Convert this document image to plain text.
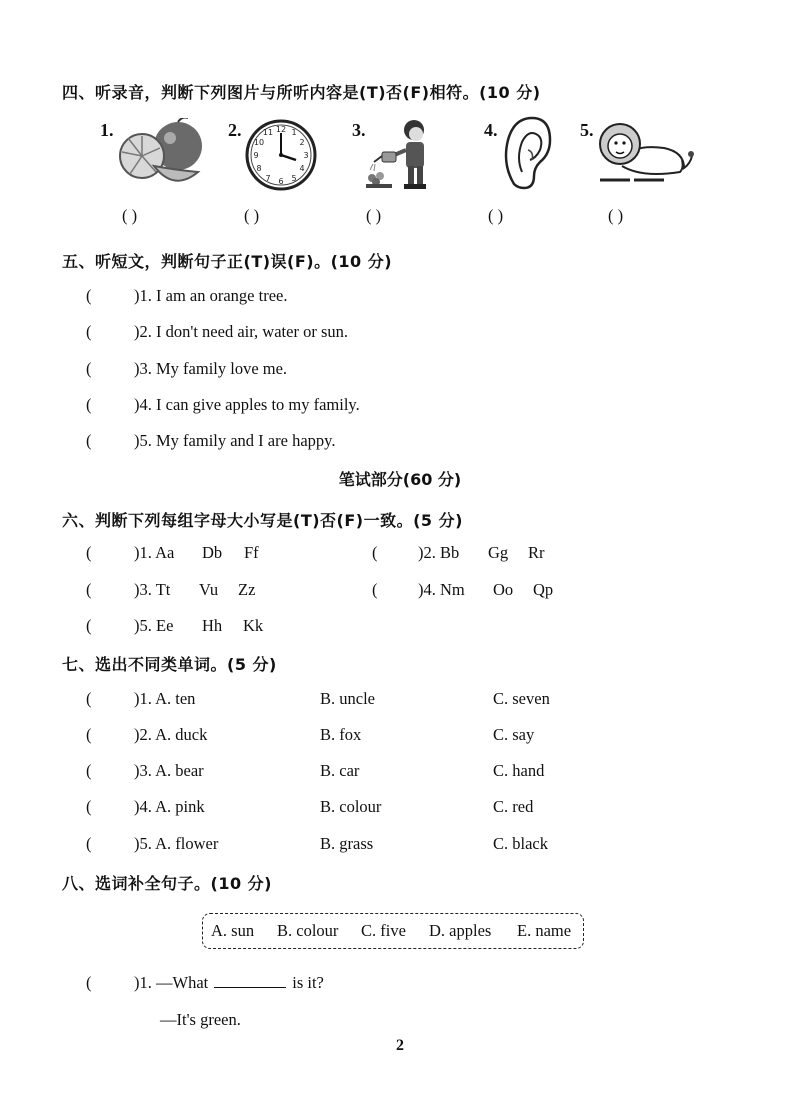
四、听录音，判断下列图片与所听内容是(T)否(F)相符。(10 分)
1.
( )
2.	12 1
2
3
4
5
6
7
8
9
10
11
( )
3.
( )
4.
( )
5.
( )
五、听短文，判断句子正(T)误(F)。(10 分)
(	)1. I am an orange tree.
(	)2. I don't need air, water or sun.
(	)3. My family love me.
(	)4. I can give apples to my family.
(	)5. My family and I are happy.
笔试部分(60 分)
六、判断下列每组字母大小写是(T)否(F)一致。(5 分)
(	)1. Aa Db Ff	( )2. Bb Gg Rr
(	)3. Tt Vu Zz	( )4. Nm Oo Qp
(	)5. Ee Hh Kk
七、选出不同类单词。(5 分)
(	)1. A. ten	B. uncle	C. seven
(	)2. A. duck	B. fox	C. say
(	)3. A. bear	B. car	C. hand
(	)4. A. pink	B. colour	C. red
(	)5. A. flower	B. grass	C. black
八、选词补全句子。(10 分)
A. sun B. colour C. five D. apples E. name
(	)1. —What	is it?
—It's green.
2
